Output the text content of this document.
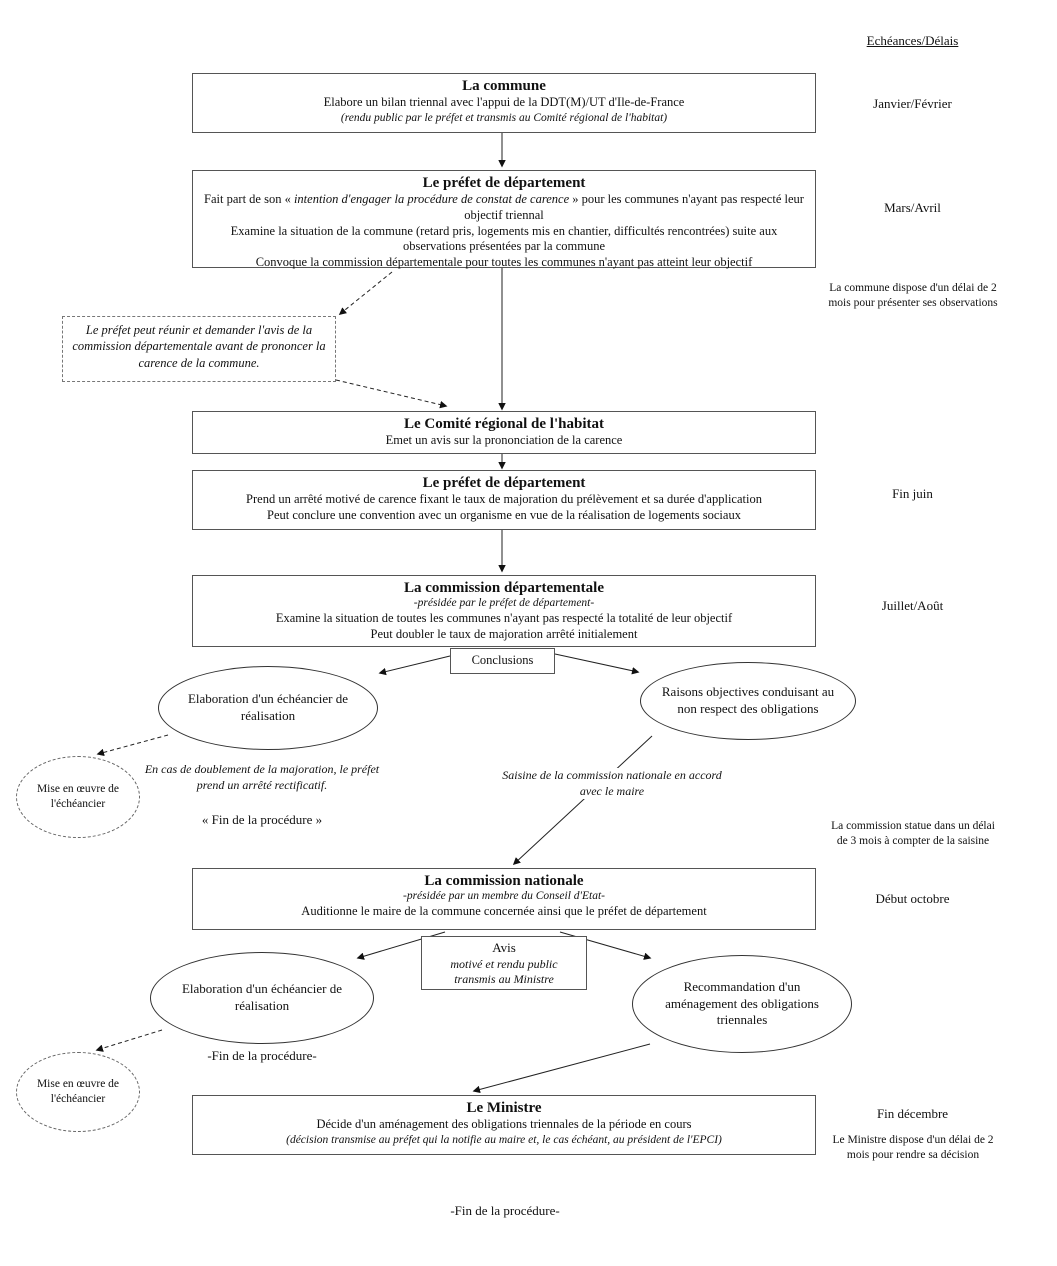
Echéances/Délais
Janvier/Février
Mars/Avril
La commune dispose d'un délai de 2 mois pour présenter ses observations
Fin juin
Juillet/Août
La commission statue dans un délai de 3 mois à compter de la saisine
Début octobre
Fin décembre
Le Ministre dispose d'un délai de 2 mois pour rendre sa décision
La commune
Elabore un bilan triennal avec l'appui de la DDT(M)/UT d'Ile-de-France
(rendu public par le préfet et transmis au Comité régional de l'habitat)
Le préfet de département
Fait part de son « intention d'engager la procédure de constat de carence » pour les communes n'ayant pas respecté leur objectif triennal
Examine la situation de la commune (retard pris, logements mis en chantier, difficultés rencontrées) suite aux observations présentées par la commune
Convoque la commission départementale pour toutes les communes n'ayant pas atteint leur objectif
Le préfet peut réunir et demander l'avis de la commission départementale avant de prononcer la carence de la commune.
Le Comité régional de l'habitat
Emet un avis sur la prononciation de la carence
Le préfet de département
Prend un arrêté motivé de carence fixant le taux de majoration du prélèvement et sa durée d'application
Peut conclure une convention avec un organisme en vue de la réalisation de logements sociaux
La commission départementale
-présidée par le préfet de département-
Examine la situation de toutes les communes n'ayant pas respecté la totalité de leur objectif
Peut doubler le taux de majoration arrêté initialement
Conclusions
Elaboration d'un échéancier de réalisation
Raisons objectives conduisant au non respect des obligations
Mise en œuvre de l'échéancier
En cas de doublement de la majoration, le préfet prend un arrêté rectificatif.
« Fin de la procédure »
Saisine de la commission nationale en accord avec le maire
La commission nationale
-présidée par un membre du Conseil d'Etat-
Auditionne le maire de la commune concernée ainsi que le préfet de département
Avis
motivé et rendu public
transmis au Ministre
Elaboration d'un échéancier de réalisation
Recommandation d'un aménagement des obligations triennales
Mise en œuvre de l'échéancier
-Fin de la procédure-
Le Ministre
Décide d'un aménagement des obligations triennales de la période en cours
(décision transmise au préfet qui la notifie au maire et, le cas échéant, au président de l'EPCI)
-Fin de la procédure-
